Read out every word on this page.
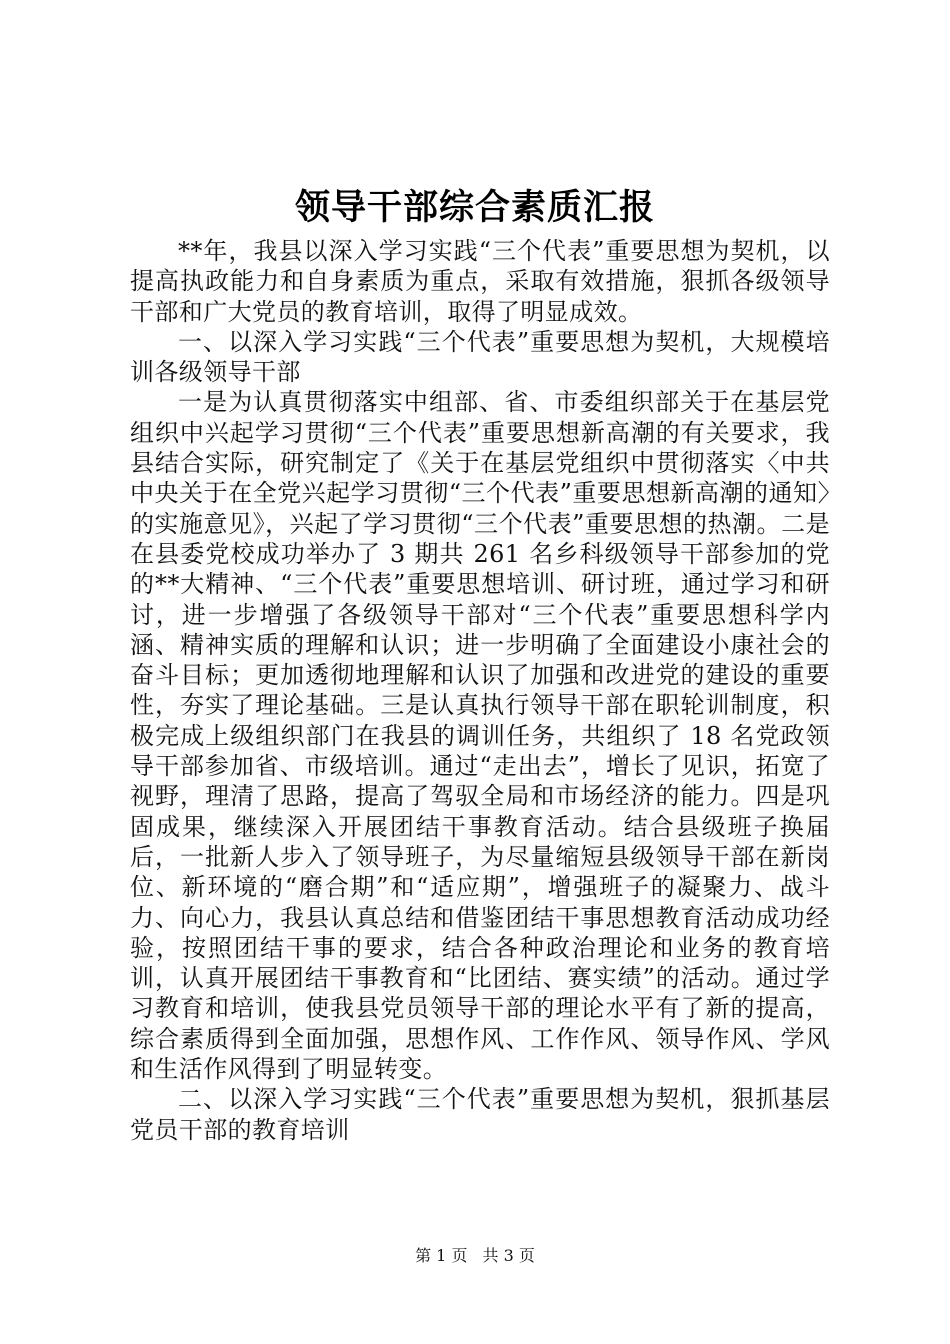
领导干部综合素质汇报

**年，我县以深入学习实践“三个代表”重要思想为契机，以提高执政能力和自身素质为重点，采取有效措施，狠抓各级领导干部和广大党员的教育培训，取得了明显成效。

一、以深入学习实践“三个代表”重要思想为契机，大规模培训各级领导干部

一是为认真贯彻落实中组部、省、市委组织部关于在基层党组织中兴起学习贯彻“三个代表”重要思想新高潮的有关要求，我县结合实际，研究制定了《关于在基层党组织中贯彻落实〈中共中央关于在全党兴起学习贯彻“三个代表”重要思想新高潮的通知〉的实施意见》，兴起了学习贯彻“三个代表”重要思想的热潮。二是在县委党校成功举办了 3 期共 261 名乡科级领导干部参加的党的**大精神、“三个代表”重要思想培训、研讨班，通过学习和研讨，进一步增强了各级领导干部对“三个代表”重要思想科学内涵、精神实质的理解和认识；进一步明确了全面建设小康社会的奋斗目标；更加透彻地理解和认识了加强和改进党的建设的重要性，夯实了理论基础。三是认真执行领导干部在职轮训制度，积极完成上级组织部门在我县的调训任务，共组织了 18 名党政领导干部参加省、市级培训。通过“走出去”，增长了见识，拓宽了视野，理清了思路，提高了驾驭全局和市场经济的能力。四是巩固成果，继续深入开展团结干事教育活动。结合县级班子换届后，一批新人步入了领导班子，为尽量缩短县级领导干部在新岗位、新环境的“磨合期”和“适应期”，增强班子的凝聚力、战斗力、向心力，我县认真总结和借鉴团结干事思想教育活动成功经验，按照团结干事的要求，结合各种政治理论和业务的教育培训，认真开展团结干事教育和“比团结、赛实绩”的活动。通过学习教育和培训，使我县党员领导干部的理论水平有了新的提高，综合素质得到全面加强，思想作风、工作作风、领导作风、学风和生活作风得到了明显转变。

二、以深入学习实践“三个代表”重要思想为契机，狠抓基层党员干部的教育培训

第 1 页 共 3 页
